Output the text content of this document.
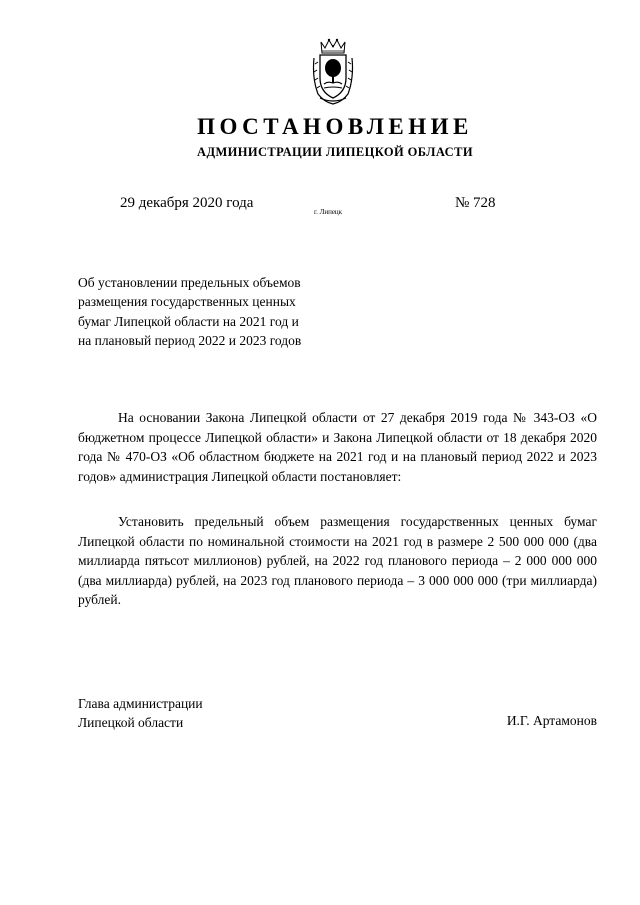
ПОСТАНОВЛЕНИЕ
АДМИНИСТРАЦИИ ЛИПЕЦКОЙ ОБЛАСТИ
29 декабря 2020 года
г. Липецк
№ 728
Об установлении предельных объемов
размещения государственных ценных
бумаг Липецкой области на 2021 год и
на плановый период 2022 и 2023 годов

На основании Закона Липецкой области от 27 декабря 2019 года № 343-ОЗ «О бюджетном процессе Липецкой области» и Закона Липецкой области от 18 декабря 2020 года № 470-ОЗ «Об областном бюджете на 2021 год и на плановый период 2022 и 2023 годов» администрация Липецкой области постановляет:

Установить предельный объем размещения государственных ценных бумаг Липецкой области по номинальной стоимости на 2021 год в размере 2 500 000 000 (два миллиарда пятьсот миллионов) рублей, на 2022 год планового периода – 2 000 000 000 (два миллиарда) рублей, на 2023 год планового периода – 3 000 000 000 (три миллиарда) рублей.

Глава администрации
Липецкой области	И.Г. Артамонов
